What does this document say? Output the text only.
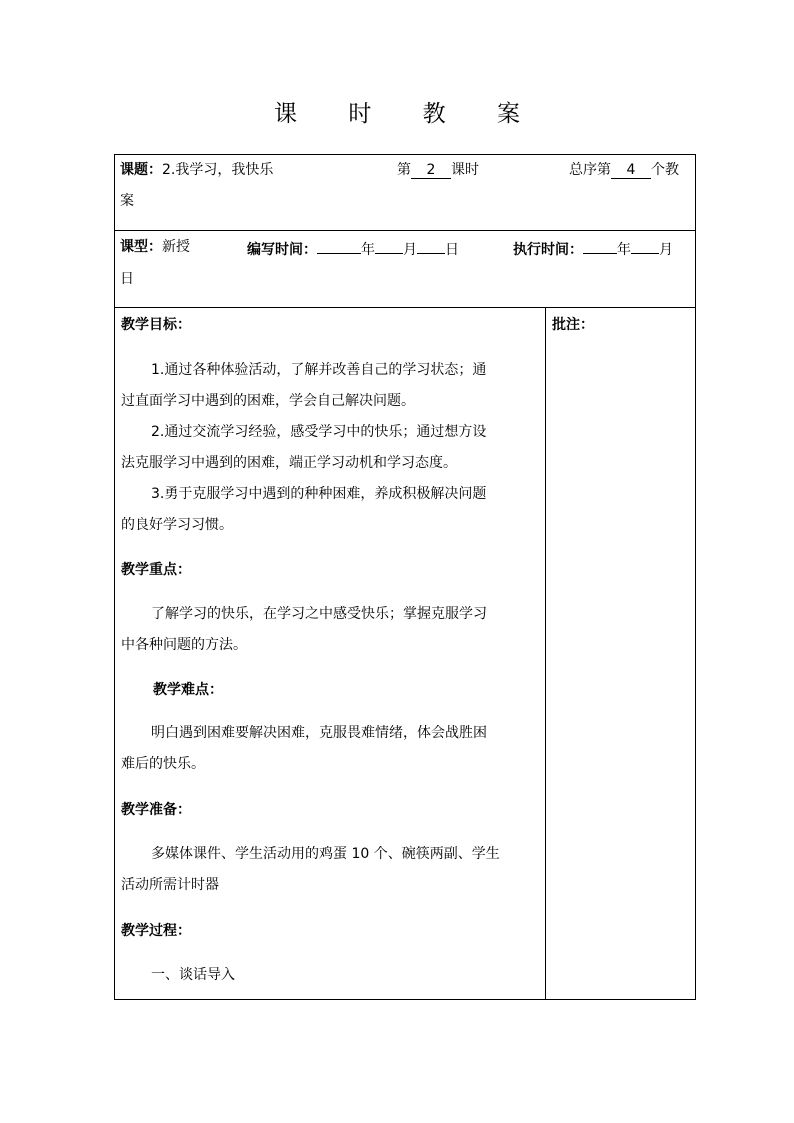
课 时 教 案
课题：2.我学习，我快乐	第 2 课时	总序第 4 个教
案
课型：新授	编写时间：	年 月 日	执行时间： 年 月
日
教学目标：
1.通过各种体验活动，了解并改善自己的学习状态；通
过直面学习中遇到的困难，学会自己解决问题。
2.通过交流学习经验，感受学习中的快乐；通过想方设
法克服学习中遇到的困难，端正学习动机和学习态度。
3.勇于克服学习中遇到的种种困难，养成积极解决问题
的良好学习习惯。
教学重点：
了解学习的快乐，在学习之中感受快乐；掌握克服学习
中各种问题的方法。
教学难点：
明白遇到困难要解决困难，克服畏难情绪，体会战胜困
难后的快乐。
教学准备：
多媒体课件、学生活动用的鸡蛋 10 个、碗筷两副、学生
活动所需计时器
教学过程：
一、谈话导入
批注：
